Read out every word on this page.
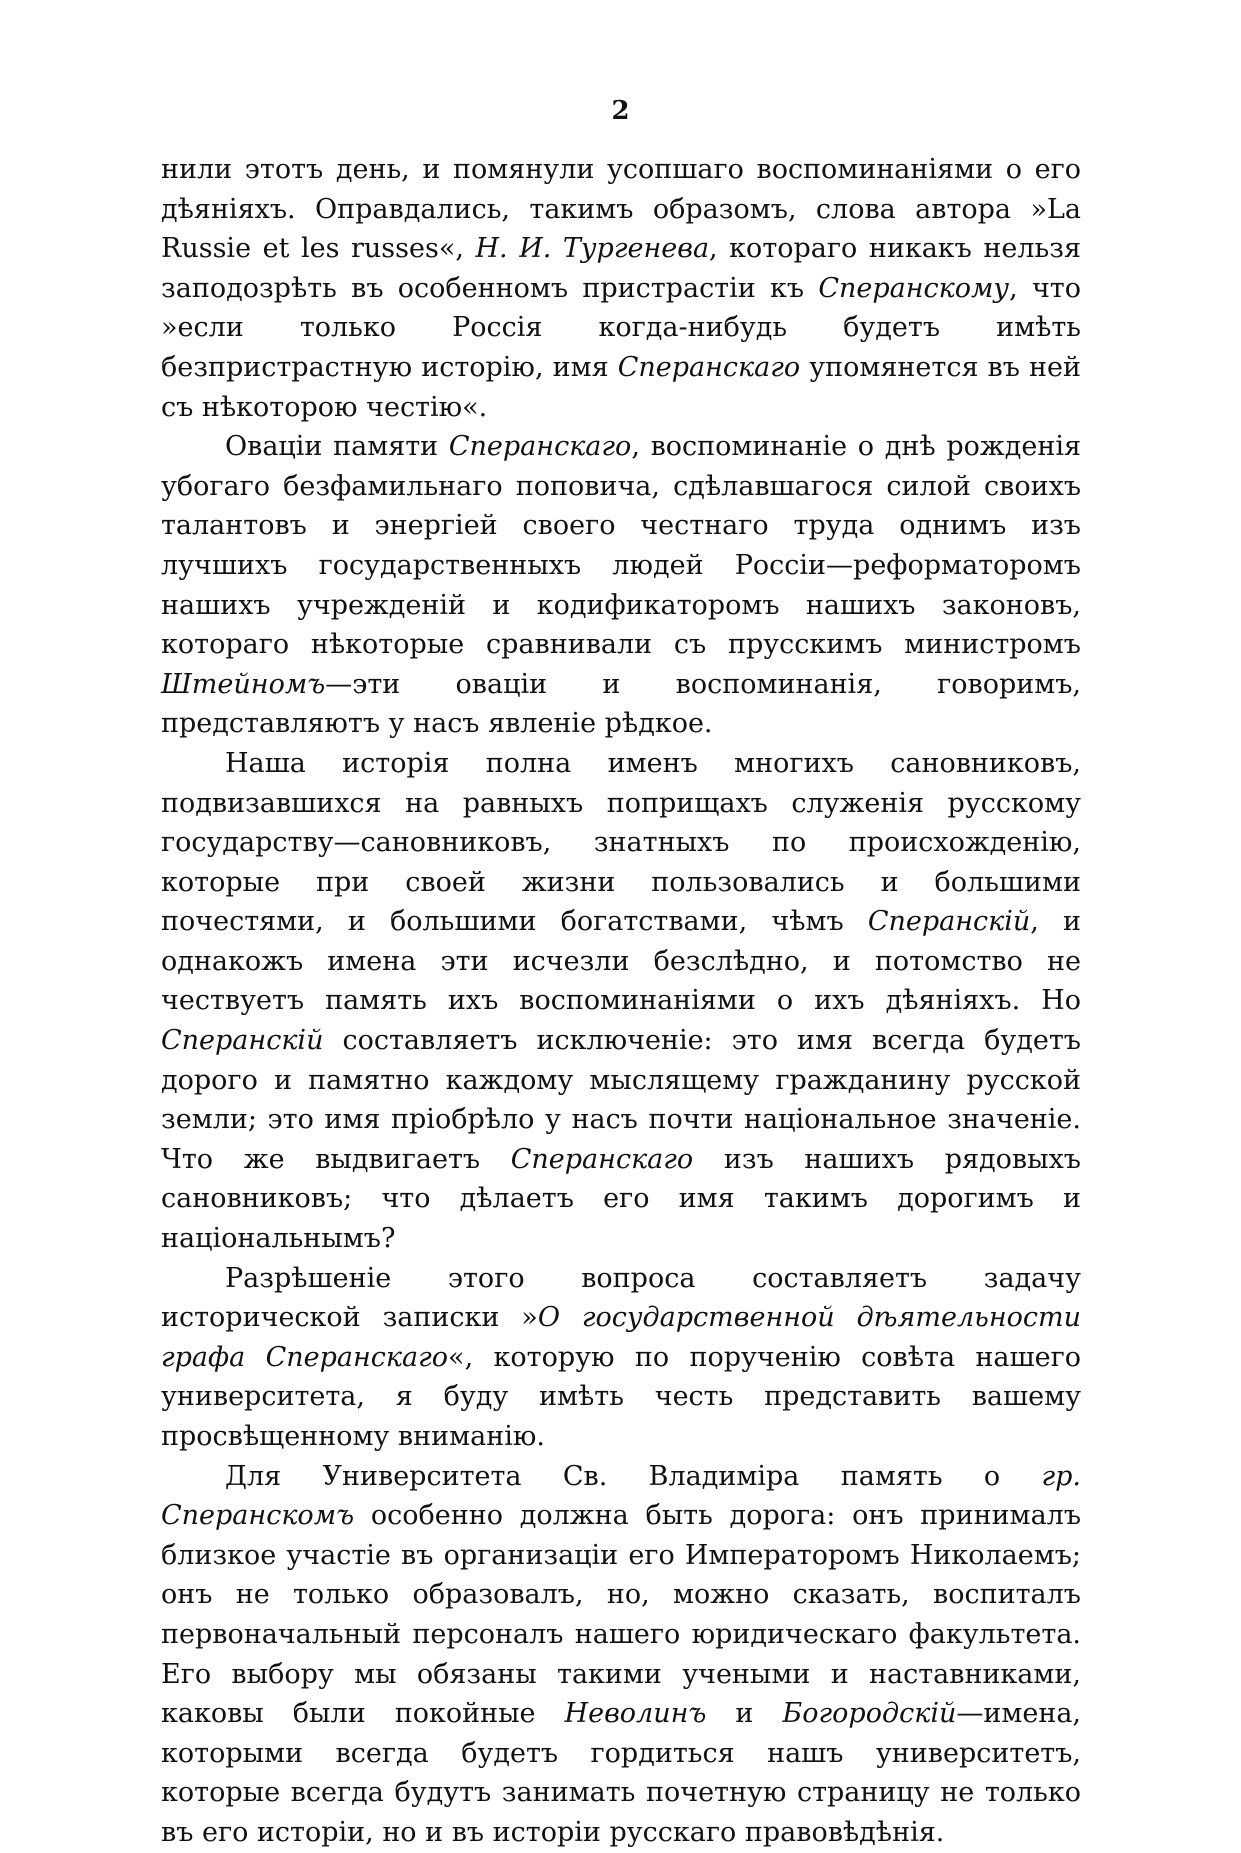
2

нили этотъ день, и помянули усопшаго воспоминаніями о его дѣяніяхъ. Оправдались, такимъ образомъ, слова автора »La Russie et les russes«, Н. И. Тургенева, котораго никакъ нельзя заподозрѣть въ особенномъ пристрастіи къ Сперанскому, что »если только Россія когда-нибудь будетъ имѣть безпристрастную исторію, имя Сперанскаго упомянется въ ней съ нѣкоторою честію«.

Оваціи памяти Сперанскаго, воспоминаніе о днѣ рожденія убогаго безфамильнаго поповича, сдѣлавшагося силой своихъ талантовъ и энергіей своего честнаго труда однимъ изъ лучшихъ государственныхъ людей Россіи—реформаторомъ нашихъ учрежденій и кодификаторомъ нашихъ законовъ, котораго нѣкоторые сравнивали съ прусскимъ министромъ Штейномъ—эти оваціи и воспоминанія, говоримъ, представляютъ у насъ явленіе рѣдкое.

Наша исторія полна именъ многихъ сановниковъ, подвизавшихся на равныхъ поприщахъ служенія русскому государству—сановниковъ, знатныхъ по происхожденію, которые при своей жизни пользовались и большими почестями, и большими богатствами, чѣмъ Сперанскій, и однакожъ имена эти исчезли безслѣдно, и потомство не чествуетъ память ихъ воспоминаніями о ихъ дѣяніяхъ. Но Сперанскій составляетъ исключеніе: это имя всегда будетъ дорого и памятно каждому мыслящему гражданину русской земли; это имя пріобрѣло у насъ почти національное значеніе. Что же выдвигаетъ Сперанскаго изъ нашихъ рядовыхъ сановниковъ; что дѣлаетъ его имя такимъ дорогимъ и національнымъ?

Разрѣшеніе этого вопроса составляетъ задачу исторической записки »О государственной дѣятельности графа Сперанскаго«, которую по порученію совѣта нашего университета, я буду имѣть честь представить вашему просвѣщенному вниманію.

Для Университета Св. Владиміра память о гр. Сперанскомъ особенно должна быть дорога: онъ принималъ близкое участіе въ организаціи его Императоромъ Николаемъ; онъ не только образовалъ, но, можно сказать, воспиталъ первоначальный персоналъ нашего юридическаго факультета. Его выбору мы обязаны такими учеными и наставниками, каковы были покойные Неволинъ и Богородскій—имена, которыми всегда будетъ гордиться нашъ университетъ, которые всегда будутъ занимать почетную страницу не только въ его исторіи, но и въ исторіи русскаго правовѣдѣнія.
